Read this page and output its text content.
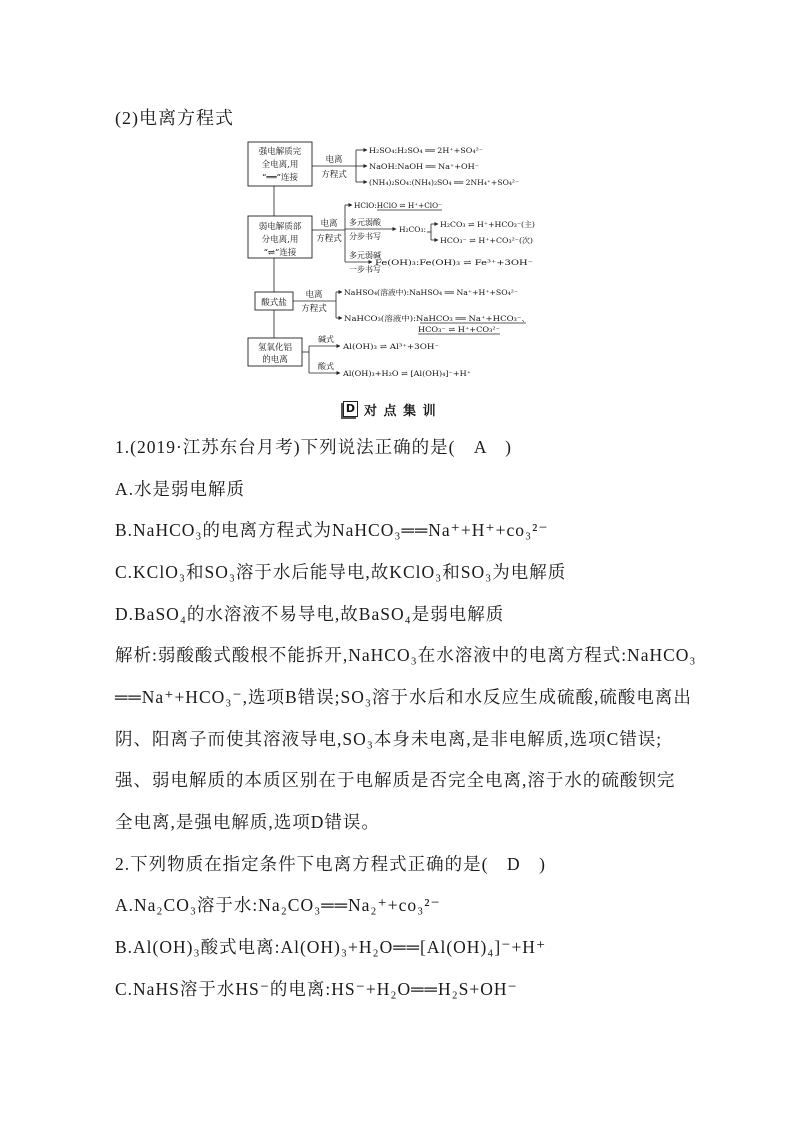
(2)电离方程式
强电解质完
全电离,用
“══”连接
电离
方程式
H₂SO₄:H₂SO₄ ══ 2H⁺+SO₄²⁻
NaOH:NaOH ══ Na⁺+OH⁻
(NH₄)₂SO₄:(NH₄)₂SO₄ ══ 2NH₄⁺+SO₄²⁻
弱电解质部
分电离,用
“⇌”连接
电离
方程式
HClO:HClO ⇌ H⁺+ClO⁻
多元弱酸
分步书写
H₂CO₃:
H₂CO₃ ⇌ H⁺+HCO₃⁻(主)
HCO₃⁻ ⇌ H⁺+CO₃²⁻(次)
多元弱碱
一步书写
Fe(OH)₃:Fe(OH)₃ ⇌ Fe³⁺+3OH⁻
酸式盐
电离
方程式
NaHSO₄(溶液中):NaHSO₄ ══ Na⁺+H⁺+SO₄²⁻
NaHCO₃(溶液中):NaHCO₃ ══ Na⁺+HCO₃⁻、
HCO₃⁻ ⇌ H⁺+CO₃²⁻
氢氧化铝
的电离
碱式
Al(OH)₃ ⇌ Al³⁺+3OH⁻
酸式
Al(OH)₃+H₂O ⇌ [Al(OH)₄]⁻+H⁺
D 对 点 集 训
1.(2019·江苏东台月考)下列说法正确的是(　A　)
A.水是弱电解质
B.NaHCO₃的电离方程式为NaHCO₃══Na⁺+H⁺+co₃²⁻
C.KClO₃和SO₃溶于水后能导电,故KClO₃和SO₃为电解质
D.BaSO₄的水溶液不易导电,故BaSO₄是弱电解质
解析:弱酸酸式酸根不能拆开,NaHCO₃在水溶液中的电离方程式:NaHCO₃
══Na⁺+HCO₃⁻,选项B错误;SO₃溶于水后和水反应生成硫酸,硫酸电离出
阴、阳离子而使其溶液导电,SO₃本身未电离,是非电解质,选项C错误;
强、弱电解质的本质区别在于电解质是否完全电离,溶于水的硫酸钡完
全电离,是强电解质,选项D错误。
2.下列物质在指定条件下电离方程式正确的是(　D　)
A.Na₂CO₃溶于水:Na₂CO₃══Na₂⁺+co₃²⁻
B.Al(OH)₃酸式电离:Al(OH)₃+H₂O══[Al(OH)₄]⁻+H⁺
C.NaHS溶于水HS⁻的电离:HS⁻+H₂O══H₂S+OH⁻
